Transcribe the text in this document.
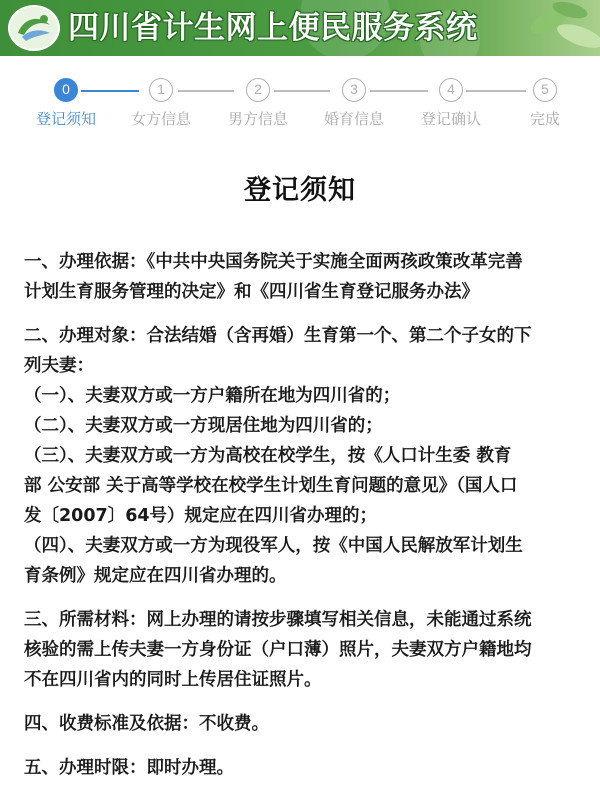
四川省计生网上便民服务系统
0
登记须知
1
女方信息
2
男方信息
3
婚育信息
4
登记确认
5
完成
登记须知
一、办理依据：《中共中央国务院关于实施全面两孩政策改革完善
计划生育服务管理的决定》和《四川省生育登记服务办法》
二、办理对象：合法结婚（含再婚）生育第一个、第二个子女的下
列夫妻：
（一）、夫妻双方或一方户籍所在地为四川省的；
（二）、夫妻双方或一方现居住地为四川省的；
（三）、夫妻双方或一方为高校在校学生，按《人口计生委 教育
部 公安部 关于高等学校在校学生计划生育问题的意见》（国人口
发〔2007〕64号）规定应在四川省办理的；
（四）、夫妻双方或一方为现役军人，按《中国人民解放军计划生
育条例》规定应在四川省办理的。
三、所需材料：网上办理的请按步骤填写相关信息，未能通过系统
核验的需上传夫妻一方身份证（户口薄）照片，夫妻双方户籍地均
不在四川省内的同时上传居住证照片。
四、收费标准及依据：不收费。
五、办理时限：即时办理。
